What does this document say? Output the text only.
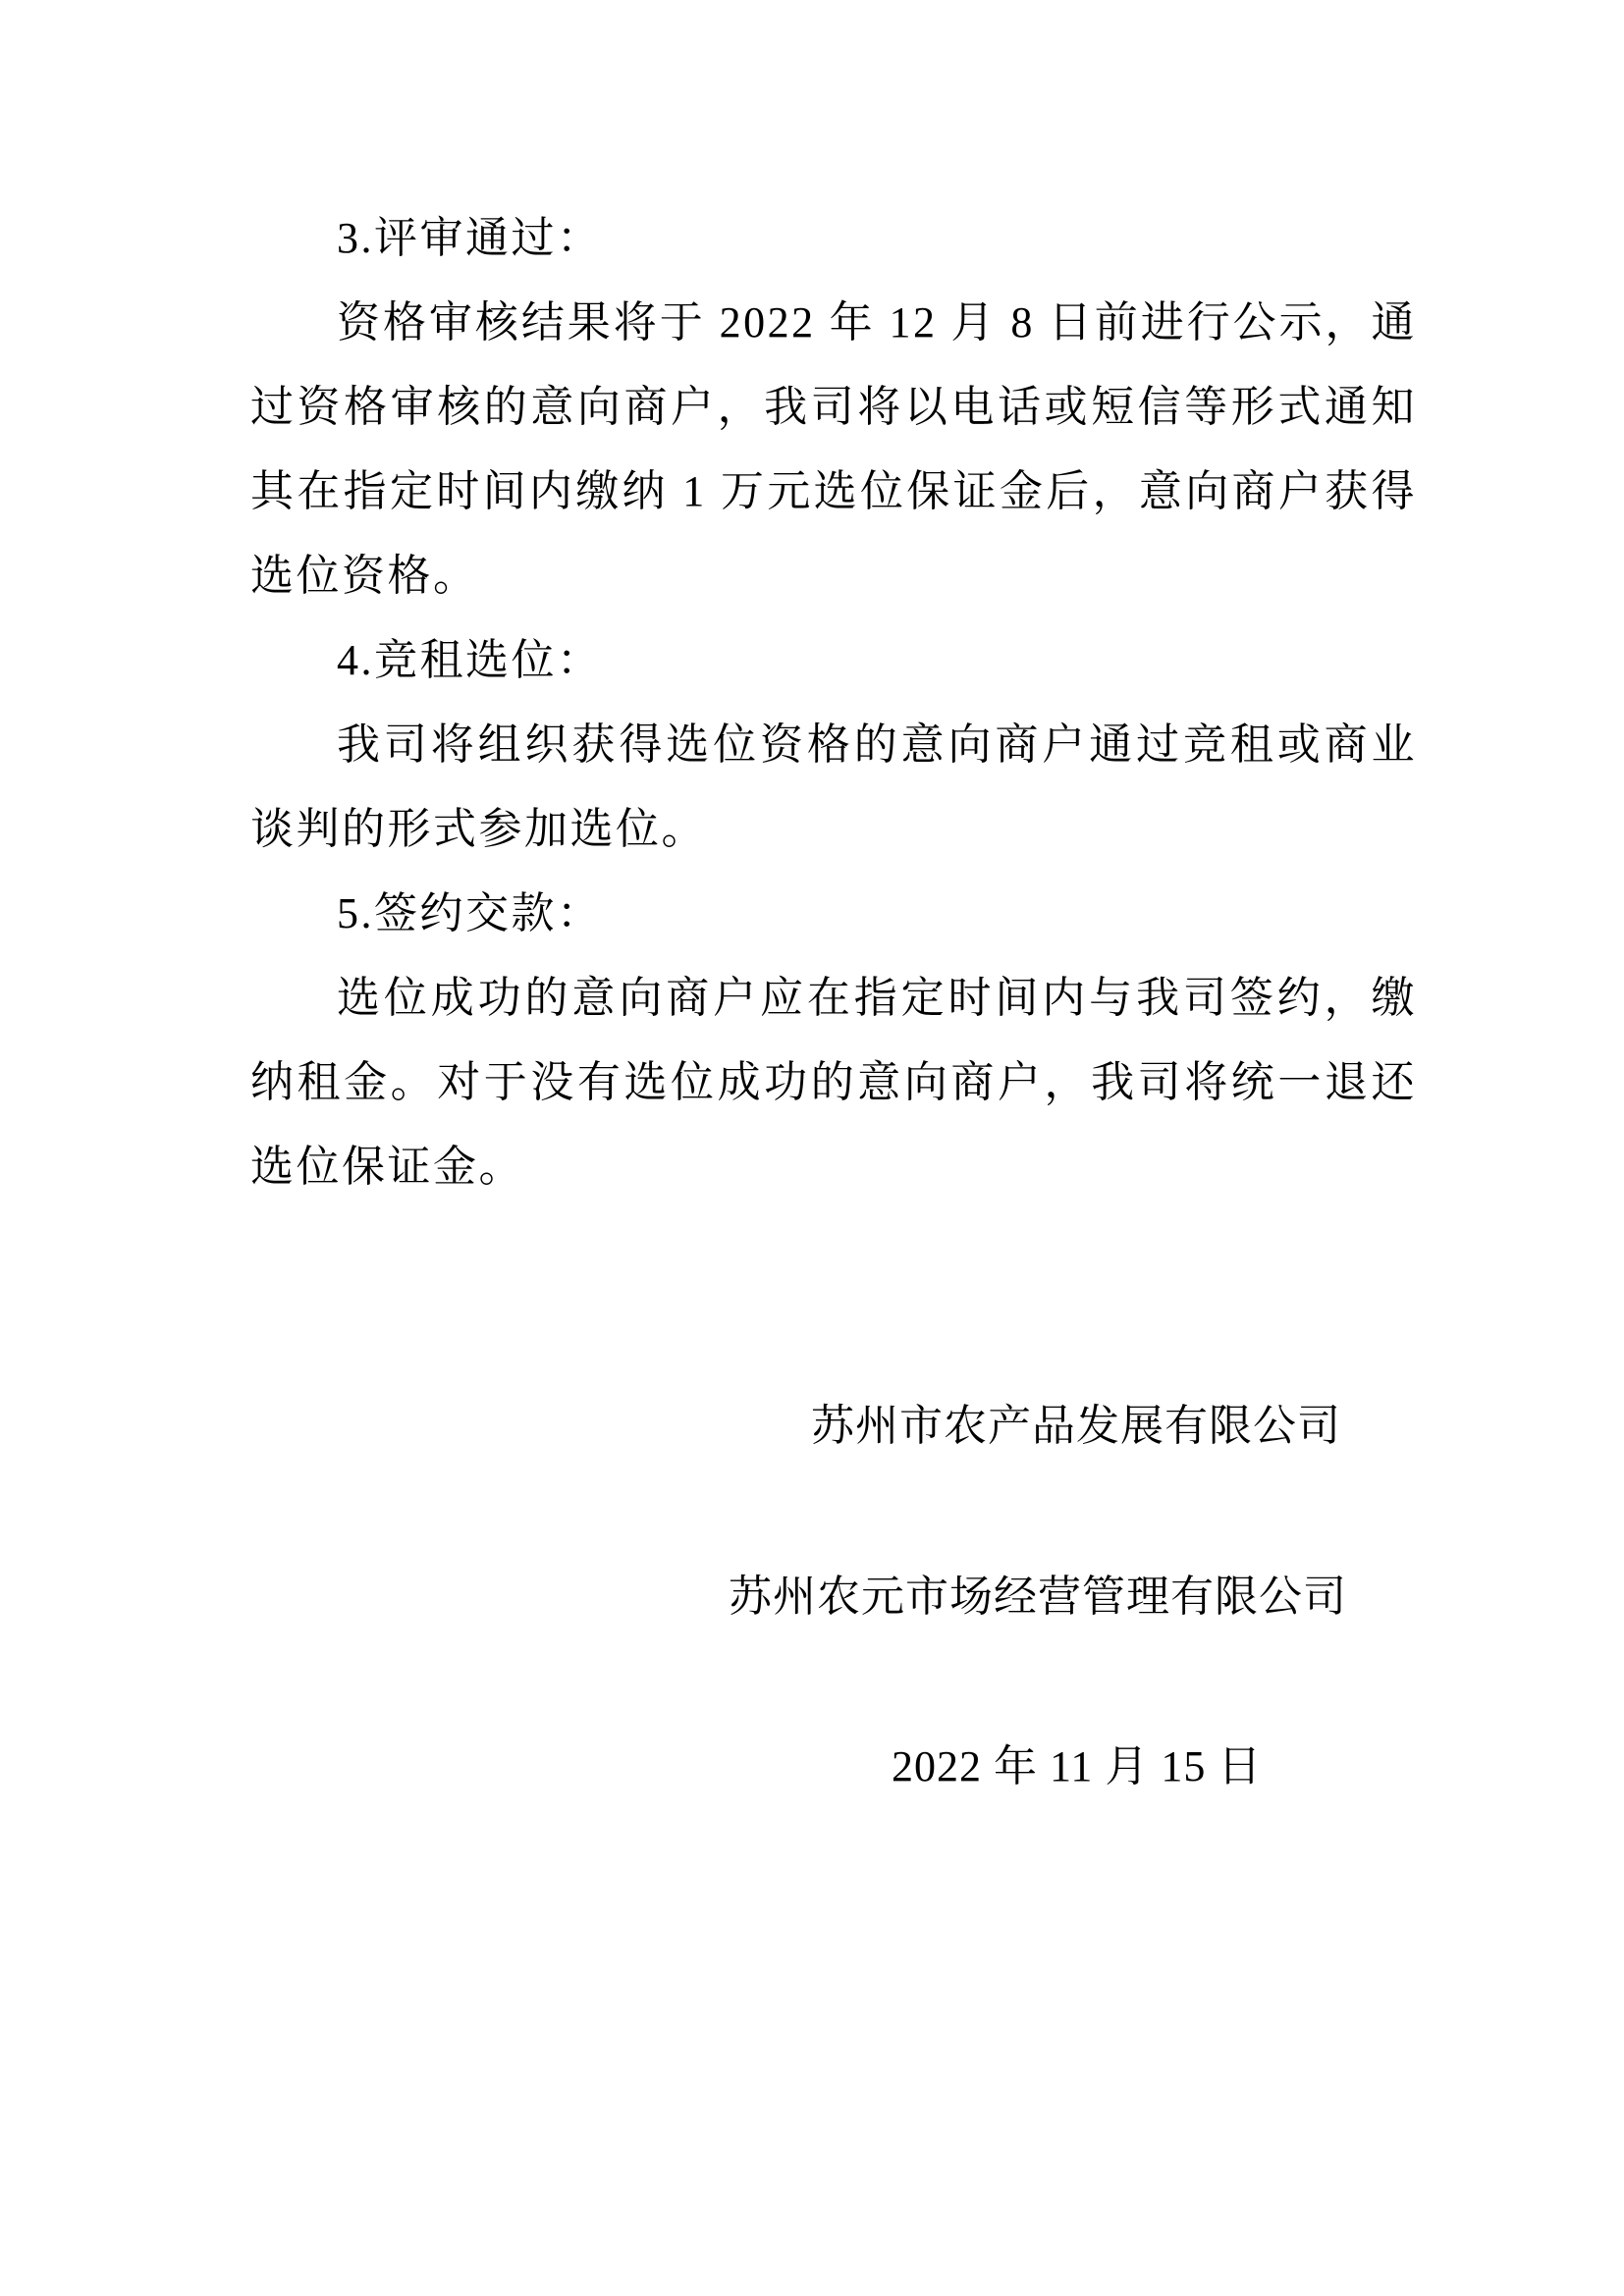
3.评审通过：

资格审核结果将于 2022 年 12 月 8 日前进行公示，通过资格审核的意向商户，我司将以电话或短信等形式通知其在指定时间内缴纳 1 万元选位保证金后，意向商户获得选位资格。

4.竞租选位：

我司将组织获得选位资格的意向商户通过竞租或商业谈判的形式参加选位。

5.签约交款：

选位成功的意向商户应在指定时间内与我司签约，缴纳租金。对于没有选位成功的意向商户，我司将统一退还选位保证金。

苏州市农产品发展有限公司
苏州农元市场经营管理有限公司
2022 年 11 月 15 日
